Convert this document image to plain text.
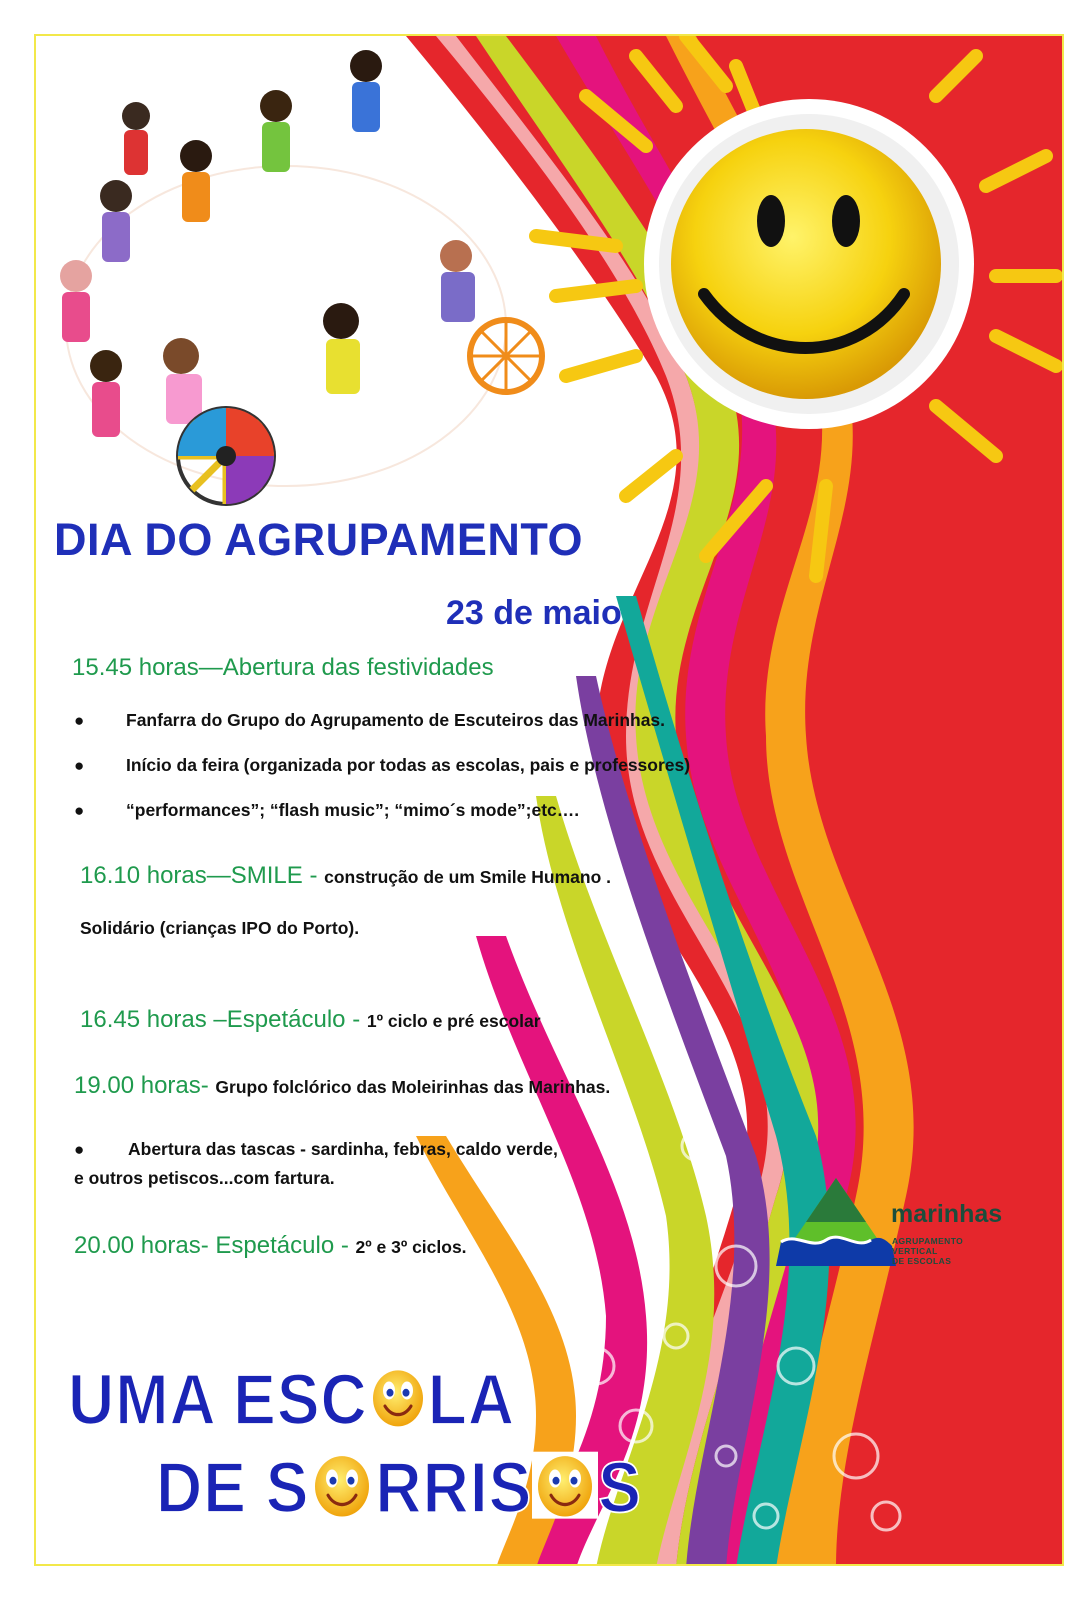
DIA DO AGRUPAMENTO
23 de maio
15.45 horas—Abertura das festividades
● Fanfarra do Grupo do Agrupamento de Escuteiros das Marinhas.
● Início da feira (organizada por todas as escolas, pais e professores)
● “performances”; “flash music”; “mimo´s mode”;etc….
16.10 horas—SMILE - construção de um Smile Humano .
Solidário (crianças IPO do Porto).
16.45 horas –Espetáculo - 1º ciclo e pré escolar
19.00 horas- Grupo folclórico das Moleirinhas das Marinhas.
● Abertura das tascas - sardinha, febras, caldo verde,
e outros petiscos...com fartura.
20.00 horas- Espetáculo - 2º e 3º ciclos.
marinhas
AGRUPAMENTO
VERTICAL
DE ESCOLAS
UMA ESC LA
DE S RRIS S
